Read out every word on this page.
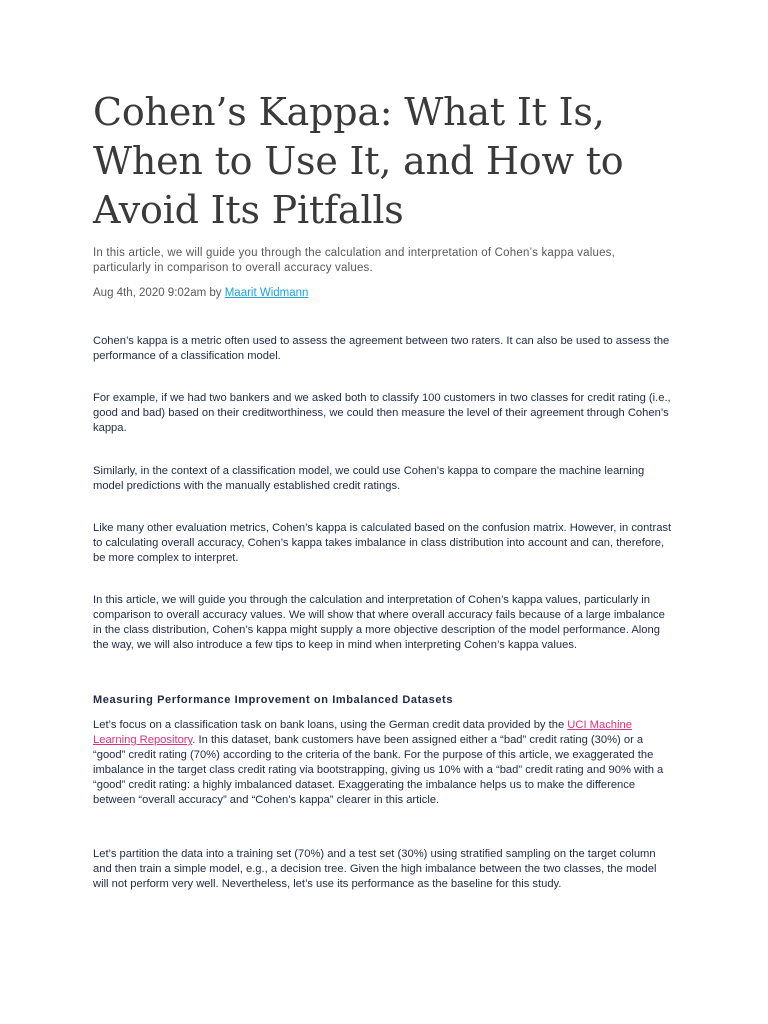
Cohen’s Kappa: What It Is, When to Use It, and How to Avoid Its Pitfalls

In this article, we will guide you through the calculation and interpretation of Cohen’s kappa values, particularly in comparison to overall accuracy values.

Aug 4th, 2020 9:02am by Maarit Widmann

Cohen’s kappa is a metric often used to assess the agreement between two raters. It can also be used to assess the performance of a classification model.

For example, if we had two bankers and we asked both to classify 100 customers in two classes for credit rating (i.e., good and bad) based on their creditworthiness, we could then measure the level of their agreement through Cohen’s kappa.

Similarly, in the context of a classification model, we could use Cohen’s kappa to compare the machine learning model predictions with the manually established credit ratings.

Like many other evaluation metrics, Cohen’s kappa is calculated based on the confusion matrix. However, in contrast to calculating overall accuracy, Cohen’s kappa takes imbalance in class distribution into account and can, therefore, be more complex to interpret.

In this article, we will guide you through the calculation and interpretation of Cohen’s kappa values, particularly in comparison to overall accuracy values. We will show that where overall accuracy fails because of a large imbalance in the class distribution, Cohen’s kappa might supply a more objective description of the model performance. Along the way, we will also introduce a few tips to keep in mind when interpreting Cohen’s kappa values.

Measuring Performance Improvement on Imbalanced Datasets

Let’s focus on a classification task on bank loans, using the German credit data provided by the UCI Machine Learning Repository. In this dataset, bank customers have been assigned either a “bad” credit rating (30%) or a “good” credit rating (70%) according to the criteria of the bank. For the purpose of this article, we exaggerated the imbalance in the target class credit rating via bootstrapping, giving us 10% with a “bad” credit rating and 90% with a “good” credit rating: a highly imbalanced dataset. Exaggerating the imbalance helps us to make the difference between “overall accuracy” and “Cohen’s kappa” clearer in this article.

Let’s partition the data into a training set (70%) and a test set (30%) using stratified sampling on the target column and then train a simple model, e.g., a decision tree. Given the high imbalance between the two classes, the model will not perform very well. Nevertheless, let’s use its performance as the baseline for this study.
